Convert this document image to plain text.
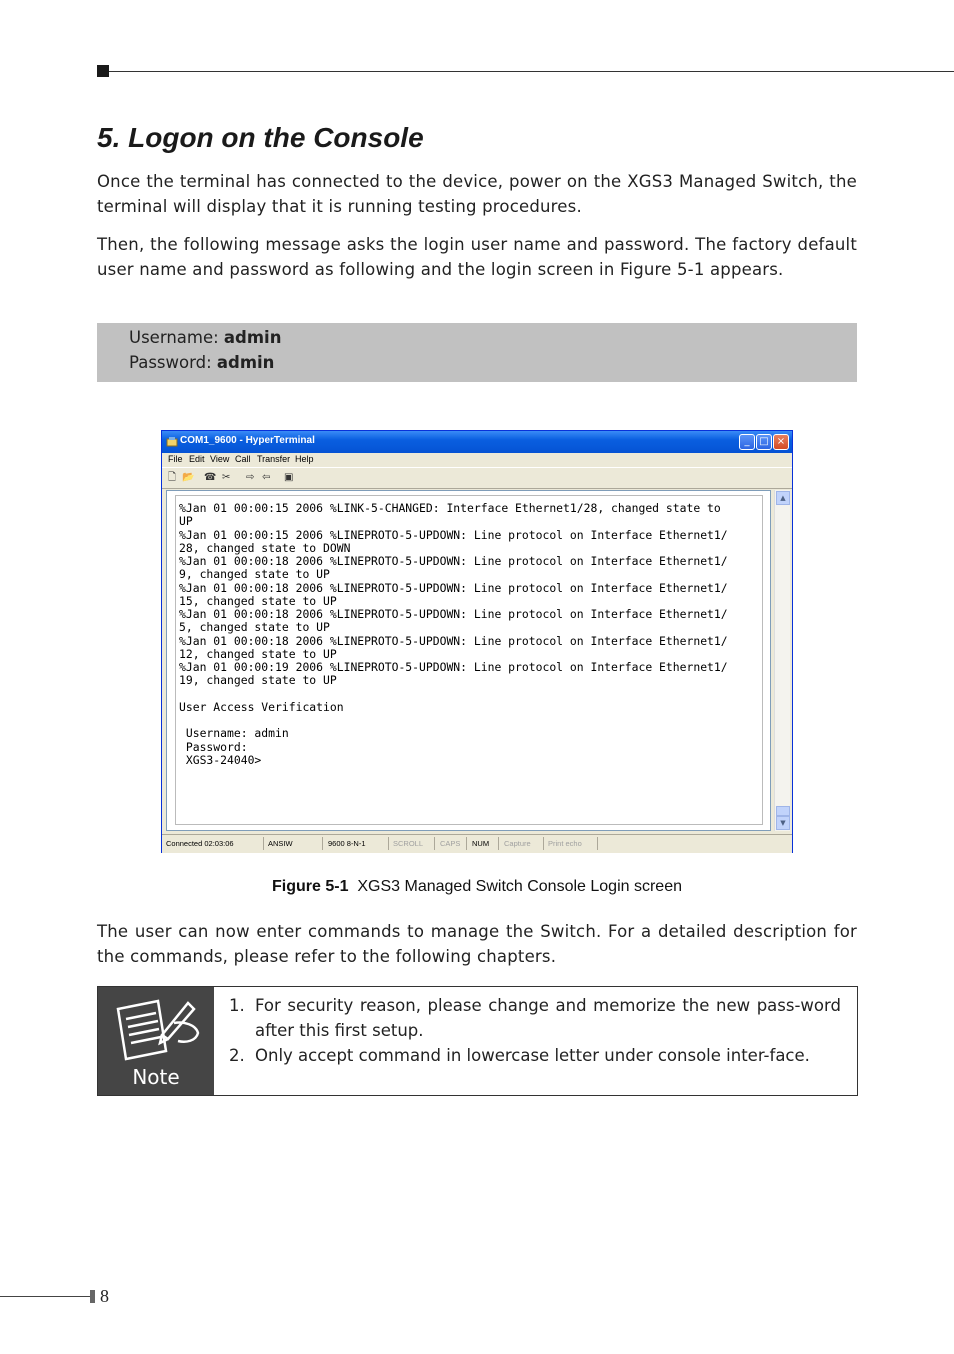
5. Logon on the Console

Once the terminal has connected to the device, power on the XGS3 Managed Switch, the terminal will display that it is running testing procedures.

Then, the following message asks the login user name and password. The factory default user name and password as following and the login screen in Figure 5-1 appears.

Username: admin
Password: admin
COM1_9600 - HyperTerminal	_ □ ×
File Edit View Call Transfer Help
🗋 📂 ☎ ✂ ⇨ ⇦ ▣
%Jan 01 00:00:15 2006 %LINK-5-CHANGED: Interface Ethernet1/28, changed state to
UP
%Jan 01 00:00:15 2006 %LINEPROTO-5-UPDOWN: Line protocol on Interface Ethernet1/
28, changed state to DOWN
%Jan 01 00:00:18 2006 %LINEPROTO-5-UPDOWN: Line protocol on Interface Ethernet1/
9, changed state to UP
%Jan 01 00:00:18 2006 %LINEPROTO-5-UPDOWN: Line protocol on Interface Ethernet1/
15, changed state to UP
%Jan 01 00:00:18 2006 %LINEPROTO-5-UPDOWN: Line protocol on Interface Ethernet1/
5, changed state to UP
%Jan 01 00:00:18 2006 %LINEPROTO-5-UPDOWN: Line protocol on Interface Ethernet1/
12, changed state to UP
%Jan 01 00:00:19 2006 %LINEPROTO-5-UPDOWN: Line protocol on Interface Ethernet1/
19, changed state to UP

User Access Verification

Username: admin
Password:
XGS3-24040>
▲
▼
Connected 02:03:06	ANSIW	9600 8-N-1	SCROLL CAPS NUM Capture Print echo

Figure 5-1 XGS3 Managed Switch Console Login screen

The user can now enter commands to manage the Switch. For a detailed description for the commands, please refer to the following chapters.

Note
1. For security reason, please change and memorize the new pass-word after this first setup.
2. Only accept command in lowercase letter under console inter-face.
8
